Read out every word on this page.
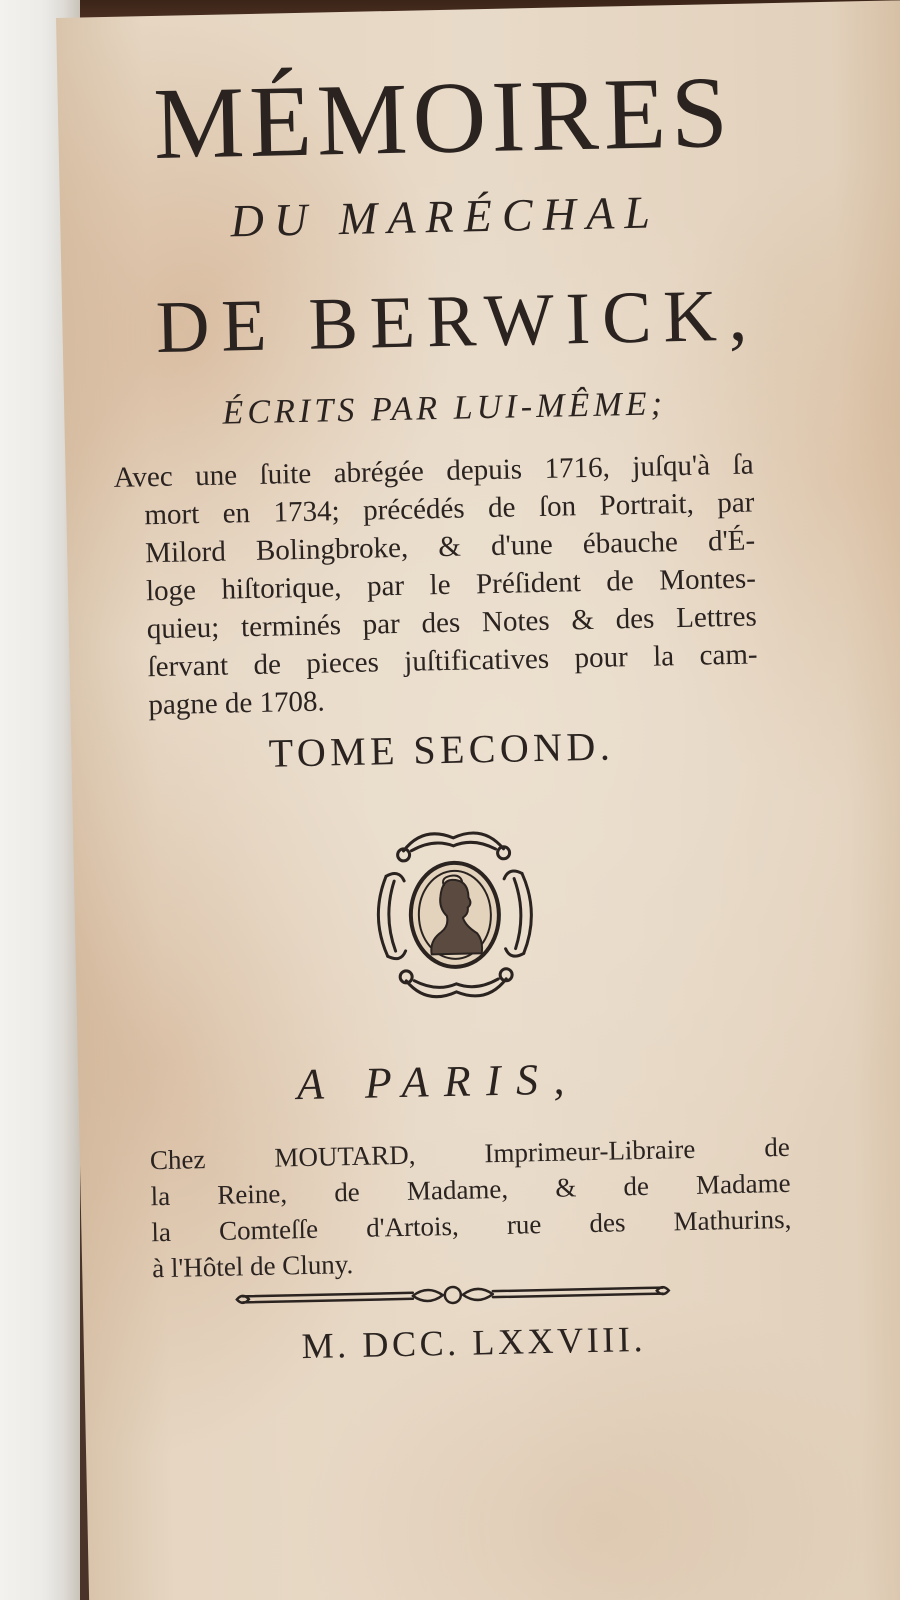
MÉMOIRES
DU MARÉCHAL
DE BERWICK,
ÉCRITS PAR LUI-MÊME;
Avec une ſuite abrégée depuis 1716, juſqu'à ſa
mort en 1734; précédés de ſon Portrait, par
Milord Bolingbroke, & d'une ébauche d'É-
loge hiſtorique, par le Préſident de Montes-
quieu; terminés par des Notes & des Lettres
ſervant de pieces juſtificatives pour la cam-
pagne de 1708.
TOME SECOND.
A PARIS,
Chez MOUTARD, Imprimeur-Libraire de
la Reine, de Madame, & de Madame
la Comteſſe d'Artois, rue des Mathurins,
à l'Hôtel de Cluny.
M. DCC. LXXVIII.
